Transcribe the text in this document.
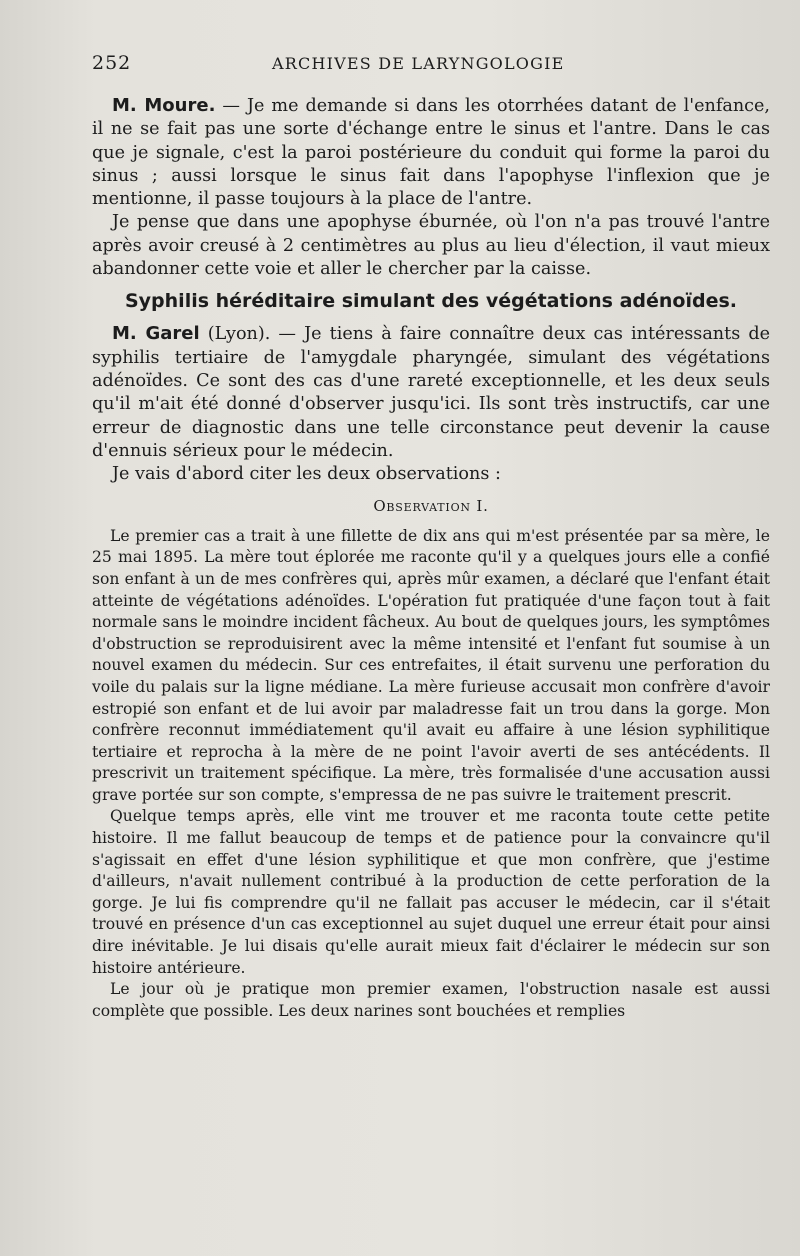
252	ARCHIVES DE LARYNGOLOGIE

M. Moure. — Je me demande si dans les otorrhées datant de l'enfance, il ne se fait pas une sorte d'échange entre le sinus et l'antre. Dans le cas que je signale, c'est la paroi postérieure du conduit qui forme la paroi du sinus ; aussi lorsque le sinus fait dans l'apophyse l'inflexion que je mentionne, il passe toujours à la place de l'antre.

Je pense que dans une apophyse éburnée, où l'on n'a pas trouvé l'antre après avoir creusé à 2 centimètres au plus au lieu d'élection, il vaut mieux abandonner cette voie et aller le chercher par la caisse.

Syphilis héréditaire simulant des végétations adénoïdes.

M. Garel (Lyon). — Je tiens à faire connaître deux cas intéressants de syphilis tertiaire de l'amygdale pharyngée, simulant des végétations adénoïdes. Ce sont des cas d'une rareté exceptionnelle, et les deux seuls qu'il m'ait été donné d'observer jusqu'ici. Ils sont très instructifs, car une erreur de diagnostic dans une telle circonstance peut devenir la cause d'ennuis sérieux pour le médecin.

Je vais d'abord citer les deux observations :

Observation I.

Le premier cas a trait à une fillette de dix ans qui m'est présentée par sa mère, le 25 mai 1895. La mère tout éplorée me raconte qu'il y a quelques jours elle a confié son enfant à un de mes confrères qui, après mûr examen, a déclaré que l'enfant était atteinte de végétations adénoïdes. L'opération fut pratiquée d'une façon tout à fait normale sans le moindre incident fâcheux. Au bout de quelques jours, les symptômes d'obstruction se reproduisirent avec la même intensité et l'enfant fut soumise à un nouvel examen du médecin. Sur ces entrefaites, il était survenu une perforation du voile du palais sur la ligne médiane. La mère furieuse accusait mon confrère d'avoir estropié son enfant et de lui avoir par maladresse fait un trou dans la gorge. Mon confrère reconnut immédiatement qu'il avait eu affaire à une lésion syphilitique tertiaire et reprocha à la mère de ne point l'avoir averti de ses antécédents. Il prescrivit un traitement spécifique. La mère, très formalisée d'une accusation aussi grave portée sur son compte, s'empressa de ne pas suivre le traitement prescrit.

Quelque temps après, elle vint me trouver et me raconta toute cette petite histoire. Il me fallut beaucoup de temps et de patience pour la convaincre qu'il s'agissait en effet d'une lésion syphilitique et que mon confrère, que j'estime d'ailleurs, n'avait nullement contribué à la production de cette perforation de la gorge. Je lui fis comprendre qu'il ne fallait pas accuser le médecin, car il s'était trouvé en présence d'un cas exceptionnel au sujet duquel une erreur était pour ainsi dire inévitable. Je lui disais qu'elle aurait mieux fait d'éclairer le médecin sur son histoire antérieure.

Le jour où je pratique mon premier examen, l'obstruction nasale est aussi complète que possible. Les deux narines sont bouchées et remplies
